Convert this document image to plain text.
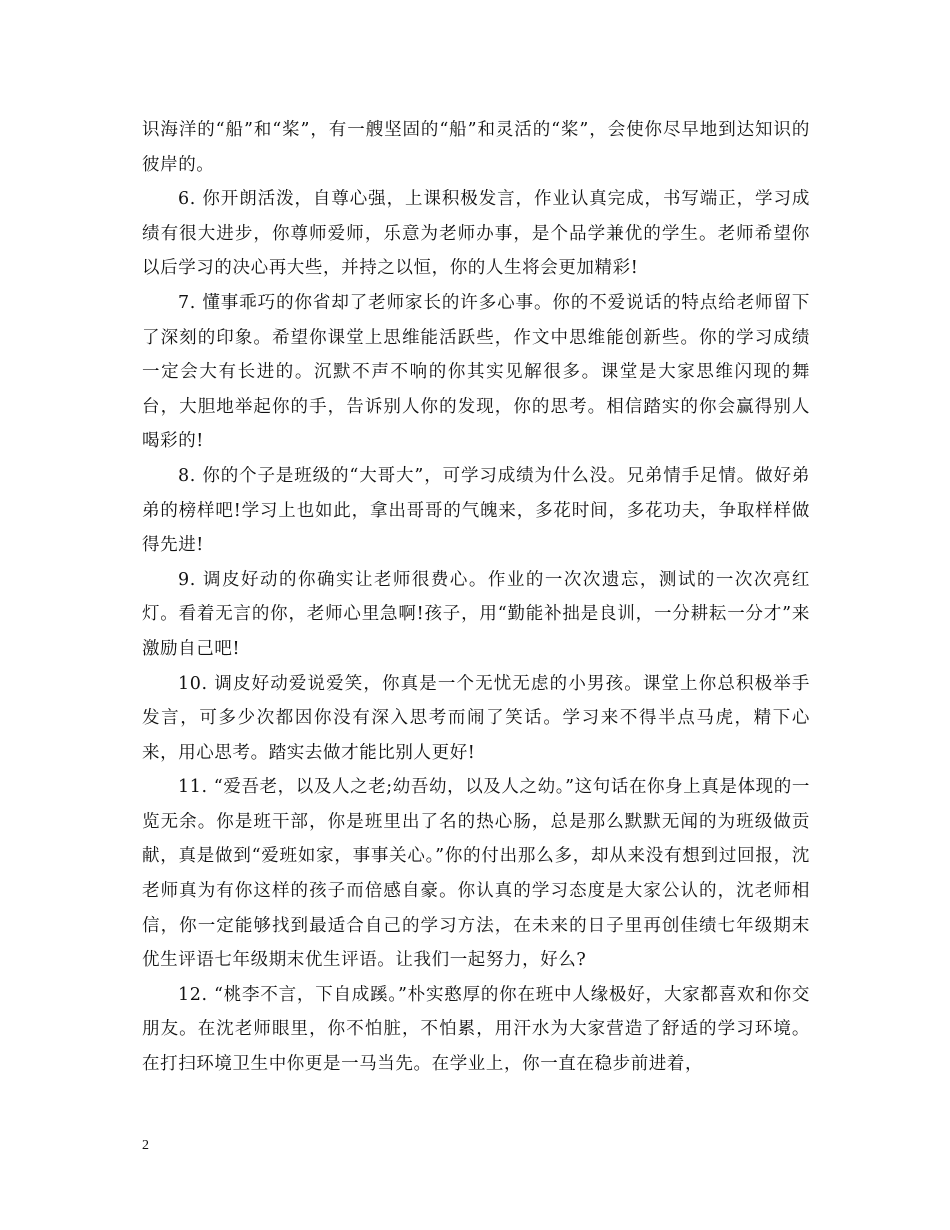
识海洋的“船”和“桨”，有一艘坚固的“船”和灵活的“桨”，会使你尽早地到达知识的彼岸的。

6. 你开朗活泼，自尊心强，上课积极发言，作业认真完成，书写端正，学习成绩有很大进步，你尊师爱师，乐意为老师办事，是个品学兼优的学生。老师希望你以后学习的决心再大些，并持之以恒，你的人生将会更加精彩!

7. 懂事乖巧的你省却了老师家长的许多心事。你的不爱说话的特点给老师留下了深刻的印象。希望你课堂上思维能活跃些，作文中思维能创新些。你的学习成绩一定会大有长进的。沉默不声不响的你其实见解很多。课堂是大家思维闪现的舞台，大胆地举起你的手，告诉别人你的发现，你的思考。相信踏实的你会赢得别人喝彩的!

8. 你的个子是班级的“大哥大”，可学习成绩为什么没。兄弟情手足情。做好弟弟的榜样吧!学习上也如此，拿出哥哥的气魄来，多花时间，多花功夫，争取样样做得先进!

9. 调皮好动的你确实让老师很费心。作业的一次次遗忘，测试的一次次亮红灯。看着无言的你，老师心里急啊!孩子，用“勤能补拙是良训，一分耕耘一分才”来激励自己吧!

10. 调皮好动爱说爱笑，你真是一个无忧无虑的小男孩。课堂上你总积极举手发言，可多少次都因你没有深入思考而闹了笑话。学习来不得半点马虎，精下心来，用心思考。踏实去做才能比别人更好!

11. “爱吾老，以及人之老;幼吾幼，以及人之幼。”这句话在你身上真是体现的一览无余。你是班干部，你是班里出了名的热心肠，总是那么默默无闻的为班级做贡献，真是做到“爱班如家，事事关心。”你的付出那么多，却从来没有想到过回报，沈老师真为有你这样的孩子而倍感自豪。你认真的学习态度是大家公认的，沈老师相信，你一定能够找到最适合自己的学习方法，在未来的日子里再创佳绩七年级期末优生评语七年级期末优生评语。让我们一起努力，好么?

12. “桃李不言，下自成蹊。”朴实憨厚的你在班中人缘极好，大家都喜欢和你交朋友。在沈老师眼里，你不怕脏，不怕累，用汗水为大家营造了舒适的学习环境。在打扫环境卫生中你更是一马当先。在学业上，你一直在稳步前进着，

2
